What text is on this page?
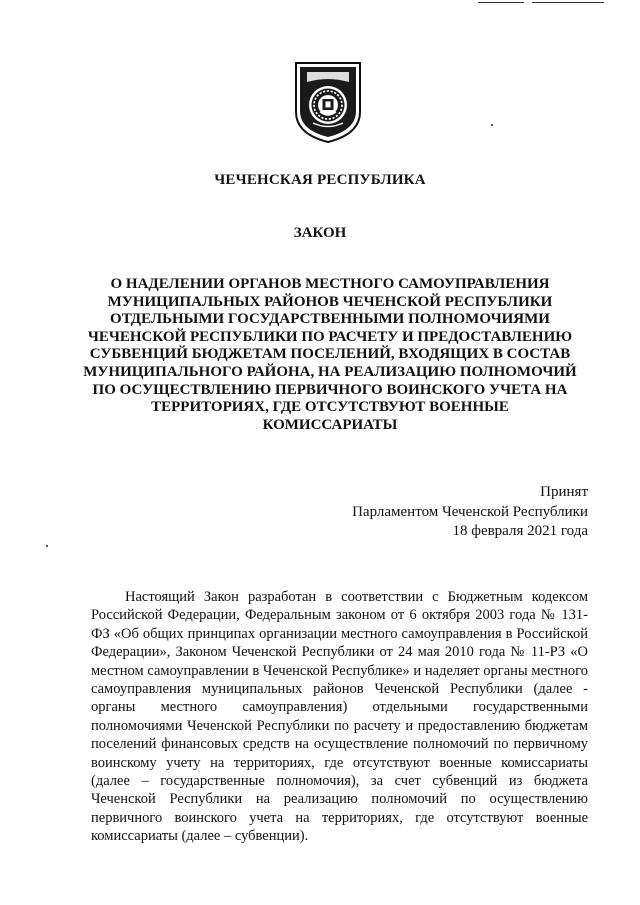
ЧЕЧЕНСКАЯ РЕСПУБЛИКА
ЗАКОН
О НАДЕЛЕНИИ ОРГАНОВ МЕСТНОГО САМОУПРАВЛЕНИЯ
МУНИЦИПАЛЬНЫХ РАЙОНОВ ЧЕЧЕНСКОЙ РЕСПУБЛИКИ
ОТДЕЛЬНЫМИ ГОСУДАРСТВЕННЫМИ ПОЛНОМОЧИЯМИ
ЧЕЧЕНСКОЙ РЕСПУБЛИКИ ПО РАСЧЕТУ И ПРЕДОСТАВЛЕНИЮ
СУБВЕНЦИЙ БЮДЖЕТАМ ПОСЕЛЕНИЙ, ВХОДЯЩИХ В СОСТАВ
МУНИЦИПАЛЬНОГО РАЙОНА, НА РЕАЛИЗАЦИЮ ПОЛНОМОЧИЙ
ПО ОСУЩЕСТВЛЕНИЮ ПЕРВИЧНОГО ВОИНСКОГО УЧЕТА НА
ТЕРРИТОРИЯХ, ГДЕ ОТСУТСТВУЮТ ВОЕННЫЕ
КОМИССАРИАТЫ
Принят
Парламентом Чеченской Республики
18 февраля 2021 года

Настоящий Закон разработан в соответствии с Бюджетным кодексом Российской Федерации, Федеральным законом от 6 октября 2003 года № 131-ФЗ «Об общих принципах организации местного самоуправления в Российской Федерации», Законом Чеченской Республики от 24 мая 2010 года № 11-РЗ «О местном самоуправлении в Чеченской Республике» и наделяет органы местного самоуправления муниципальных районов Чеченской Республики (далее - органы местного самоуправления) отдельными государственными полномочиями Чеченской Республики по расчету и предоставлению бюджетам поселений финансовых средств на осуществление полномочий по первичному воинскому учету на территориях, где отсутствуют военные комиссариаты (далее – государственные полномочия), за счет субвенций из бюджета Чеченской Республики на реализацию полномочий по осуществлению первичного воинского учета на территориях, где отсутствуют военные комиссариаты (далее – субвенции).
